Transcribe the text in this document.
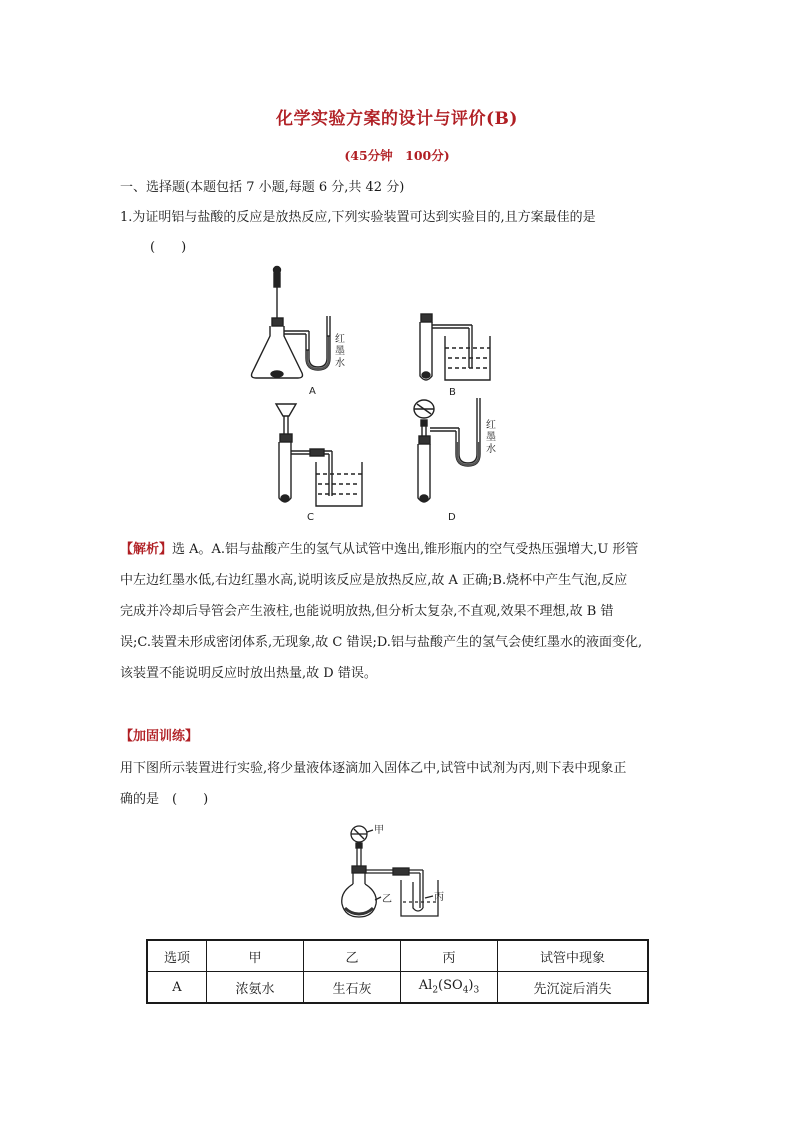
化学实验方案的设计与评价(B)
(45分钟　100分)
一、选择题(本题包括 7 小题,每题 6 分,共 42 分)
1.为证明铝与盐酸的反应是放热反应,下列实验装置可达到实验目的,且方案最佳的是
(　　)
红
墨
水
A	B
C
红
墨
水
D
【解析】选 A。A.铝与盐酸产生的氢气从试管中逸出,锥形瓶内的空气受热压强增大,U 形管
中左边红墨水低,右边红墨水高,说明该反应是放热反应,故 A 正确;B.烧杯中产生气泡,反应
完成并冷却后导管会产生液柱,也能说明放热,但分析太复杂,不直观,效果不理想,故 B 错
误;C.装置未形成密闭体系,无现象,故 C 错误;D.铝与盐酸产生的氢气会使红墨水的液面变化,
该装置不能说明反应时放出热量,故 D 错误。
【加固训练】
用下图所示装置进行实验,将少量液体逐滴加入固体乙中,试管中试剂为丙,则下表中现象正
确的是　(　　)
甲
乙	丙
选项	甲	乙	丙	试管中现象
A	浓氨水	生石灰	$Al_2(SO_4)_3$	先沉淀后消失
